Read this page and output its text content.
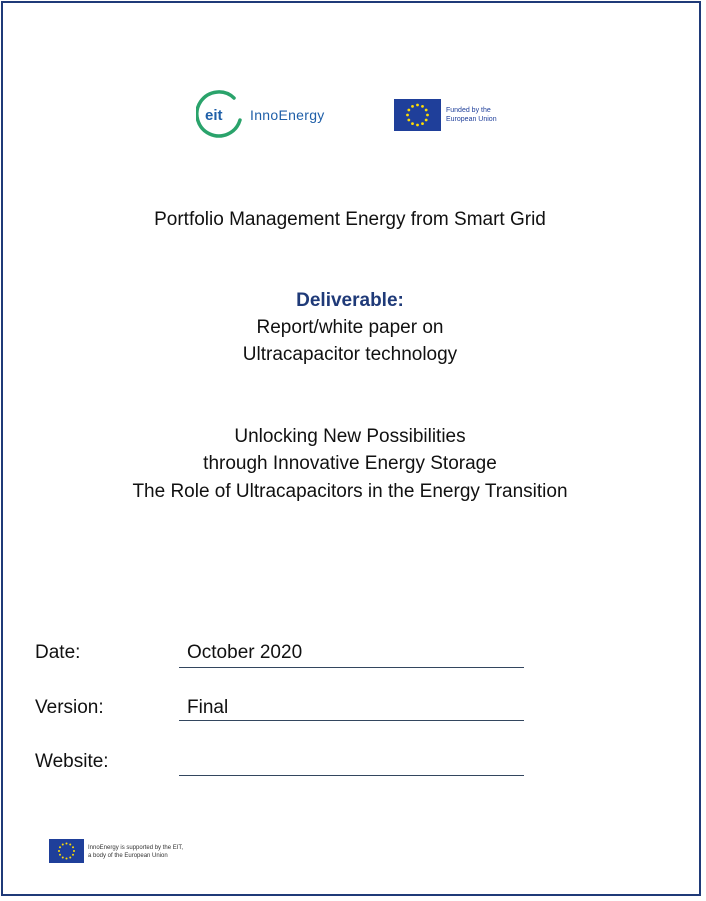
eit InnoEnergy	Funded by the
European Union
Portfolio Management Energy from Smart Grid
Deliverable:
Report/white paper on
Ultracapacitor technology
Unlocking New Possibilities
through Innovative Energy Storage
The Role of Ultracapacitors in the Energy Transition
Date:	October 2020
Version:	Final
Website:
InnoEnergy is supported by the EIT,
a body of the European Union
